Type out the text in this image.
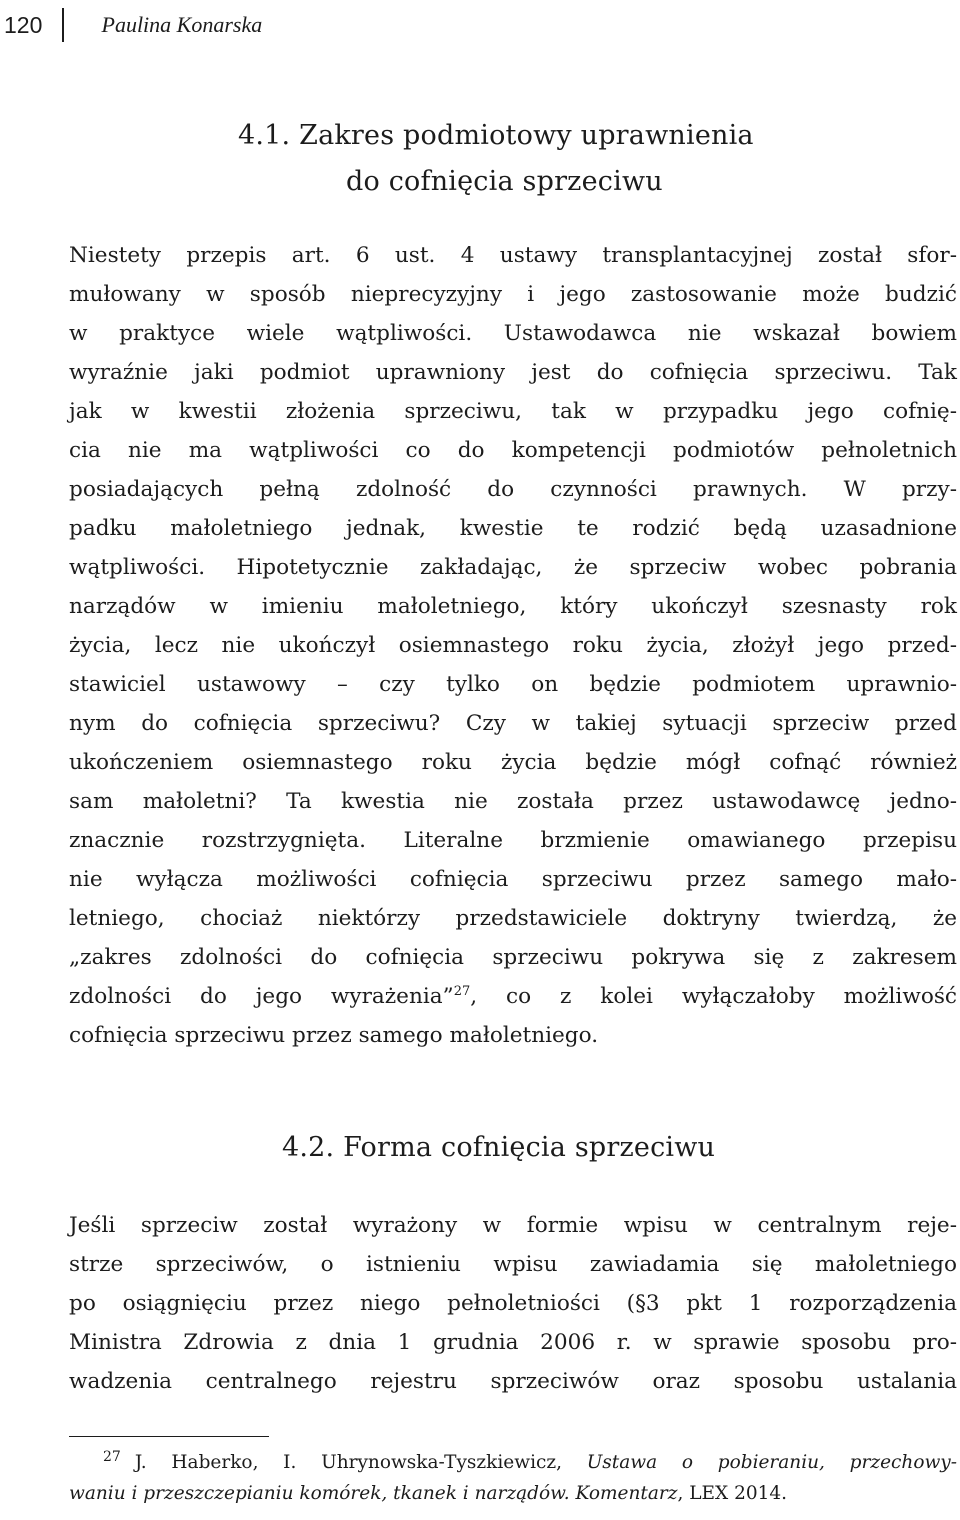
120	Paulina Konarska
4.1. Zakres podmiotowy uprawnienia
do cofnięcia sprzeciwu
Niestety przepis art. 6 ust. 4 ustawy transplantacyjnej został sfor-
mułowany w sposób nieprecyzyjny i jego zastosowanie może budzić
w praktyce wiele wątpliwości. Ustawodawca nie wskazał bowiem
wyraźnie jaki podmiot uprawniony jest do cofnięcia sprzeciwu. Tak
jak w kwestii złożenia sprzeciwu, tak w przypadku jego cofnię-
cia nie ma wątpliwości co do kompetencji podmiotów pełnoletnich
posiadających pełną zdolność do czynności prawnych. W przy-
padku małoletniego jednak, kwestie te rodzić będą uzasadnione
wątpliwości. Hipotetycznie zakładając, że sprzeciw wobec pobrania
narządów w imieniu małoletniego, który ukończył szesnasty rok
życia, lecz nie ukończył osiemnastego roku życia, złożył jego przed-
stawiciel ustawowy – czy tylko on będzie podmiotem uprawnio-
nym do cofnięcia sprzeciwu? Czy w takiej sytuacji sprzeciw przed
ukończeniem osiemnastego roku życia będzie mógł cofnąć również
sam małoletni? Ta kwestia nie została przez ustawodawcę jedno-
znacznie rozstrzygnięta. Literalne brzmienie omawianego przepisu
nie wyłącza możliwości cofnięcia sprzeciwu przez samego mało-
letniego, chociaż niektórzy przedstawiciele doktryny twierdzą, że
„zakres zdolności do cofnięcia sprzeciwu pokrywa się z zakresem
zdolności do jego wyrażenia”$^{27}$, co z kolei wyłączałoby możliwość
cofnięcia sprzeciwu przez samego małoletniego.
4.2. Forma cofnięcia sprzeciwu
Jeśli sprzeciw został wyrażony w formie wpisu w centralnym reje-
strze sprzeciwów, o istnieniu wpisu zawiadamia się małoletniego
po osiągnięciu przez niego pełnoletniości (§3 pkt 1 rozporządzenia
Ministra Zdrowia z dnia 1 grudnia 2006 r. w sprawie sposobu pro-
wadzenia centralnego rejestru sprzeciwów oraz sposobu ustalania
$^{27}$ J. Haberko, I. Uhrynowska-Tyszkiewicz, Ustawa o pobieraniu, przechowy-
waniu i przeszczepianiu komórek, tkanek i narządów. Komentarz, LEX 2014.
